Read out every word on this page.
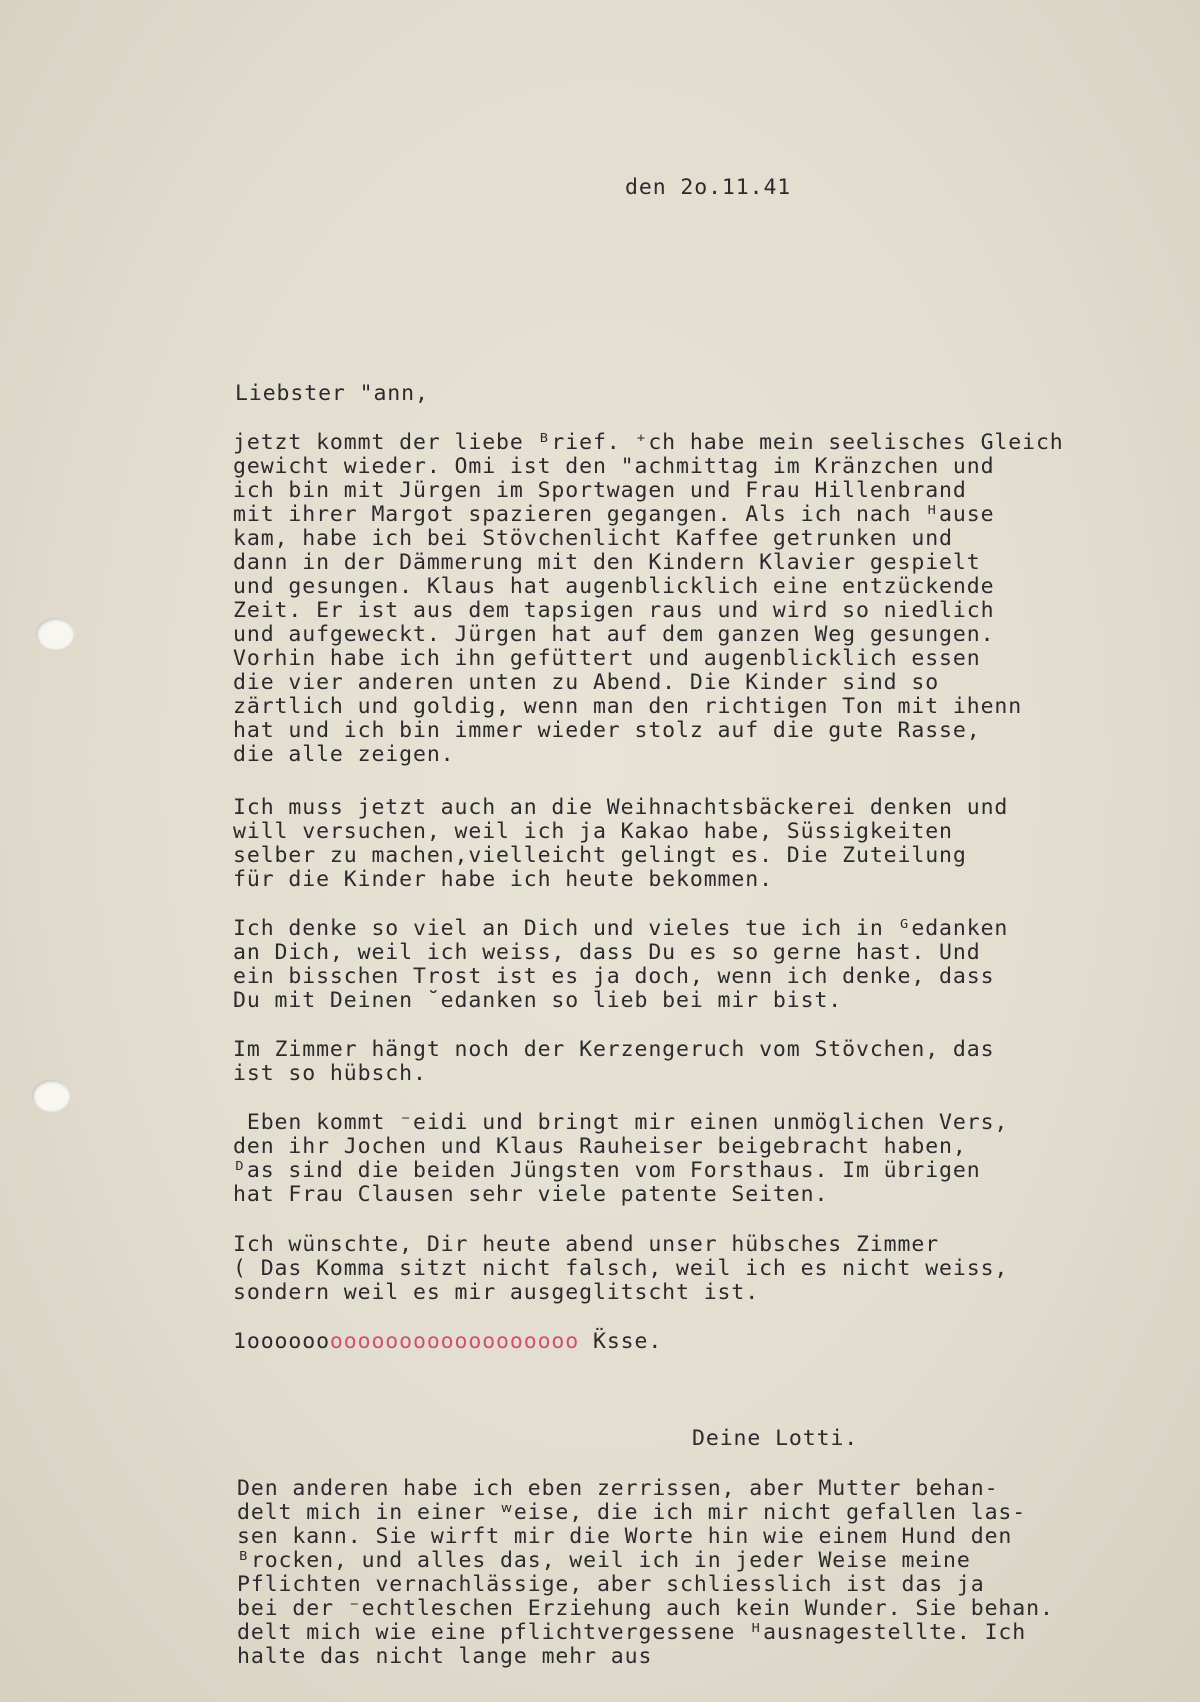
den 2o.11.41
Liebster "ann,
jetzt kommt der liebe ᴮrief. ⁺ch habe mein seelisches Gleich
gewicht wieder. Omi ist den "achmittag im Kränzchen und
ich bin mit Jürgen im Sportwagen und Frau Hillenbrand
mit ihrer Margot spazieren gegangen. Als ich nach ᴴause
kam, habe ich bei Stövchenlicht Kaffee getrunken und
dann in der Dämmerung mit den Kindern Klavier gespielt
und gesungen. Klaus hat augenblicklich eine entzückende
Zeit. Er ist aus dem tapsigen raus und wird so niedlich
und aufgeweckt. Jürgen hat auf dem ganzen Weg gesungen.
Vorhin habe ich ihn gefüttert und augenblicklich essen
die vier anderen unten zu Abend. Die Kinder sind so
zärtlich und goldig, wenn man den richtigen Ton mit ihenn
hat und ich bin immer wieder stolz auf die gute Rasse,
die alle zeigen.
Ich muss jetzt auch an die Weihnachtsbäckerei denken und
will versuchen, weil ich ja Kakao habe, Süssigkeiten
selber zu machen,vielleicht gelingt es. Die Zuteilung
für die Kinder habe ich heute bekommen.
Ich denke so viel an Dich und vieles tue ich in ᴳedanken
an Dich, weil ich weiss, dass Du es so gerne hast. Und
ein bisschen Trost ist es ja doch, wenn ich denke, dass
Du mit Deinen ˘edanken so lieb bei mir bist.
Im Zimmer hängt noch der Kerzengeruch vom Stövchen, das
ist so hübsch.
Eben kommt ⁻eidi und bringt mir einen unmöglichen Vers,
den ihr Jochen und Klaus Rauheiser beigebracht haben,
ᴰas sind die beiden Jüngsten vom Forsthaus. Im übrigen
hat Frau Clausen sehr viele patente Seiten.
Ich wünschte, Dir heute abend unser hübsches Zimmer
( Das Komma sitzt nicht falsch, weil ich es nicht weiss,
sondern weil es mir ausgeglitscht ist.
1oooooooooooooooooooooooo K̈sse.
Deine Lotti.
Den anderen habe ich eben zerrissen, aber Mutter behan-
delt mich in einer ʷeise, die ich mir nicht gefallen las-
sen kann. Sie wirft mir die Worte hin wie einem Hund den
ᴮrocken, und alles das, weil ich in jeder Weise meine
Pflichten vernachlässige, aber schliesslich ist das ja
bei der ⁻echtleschen Erziehung auch kein Wunder. Sie behan.
delt mich wie eine pflichtvergessene ᴴausnagestellte. Ich
halte das nicht lange mehr aus
